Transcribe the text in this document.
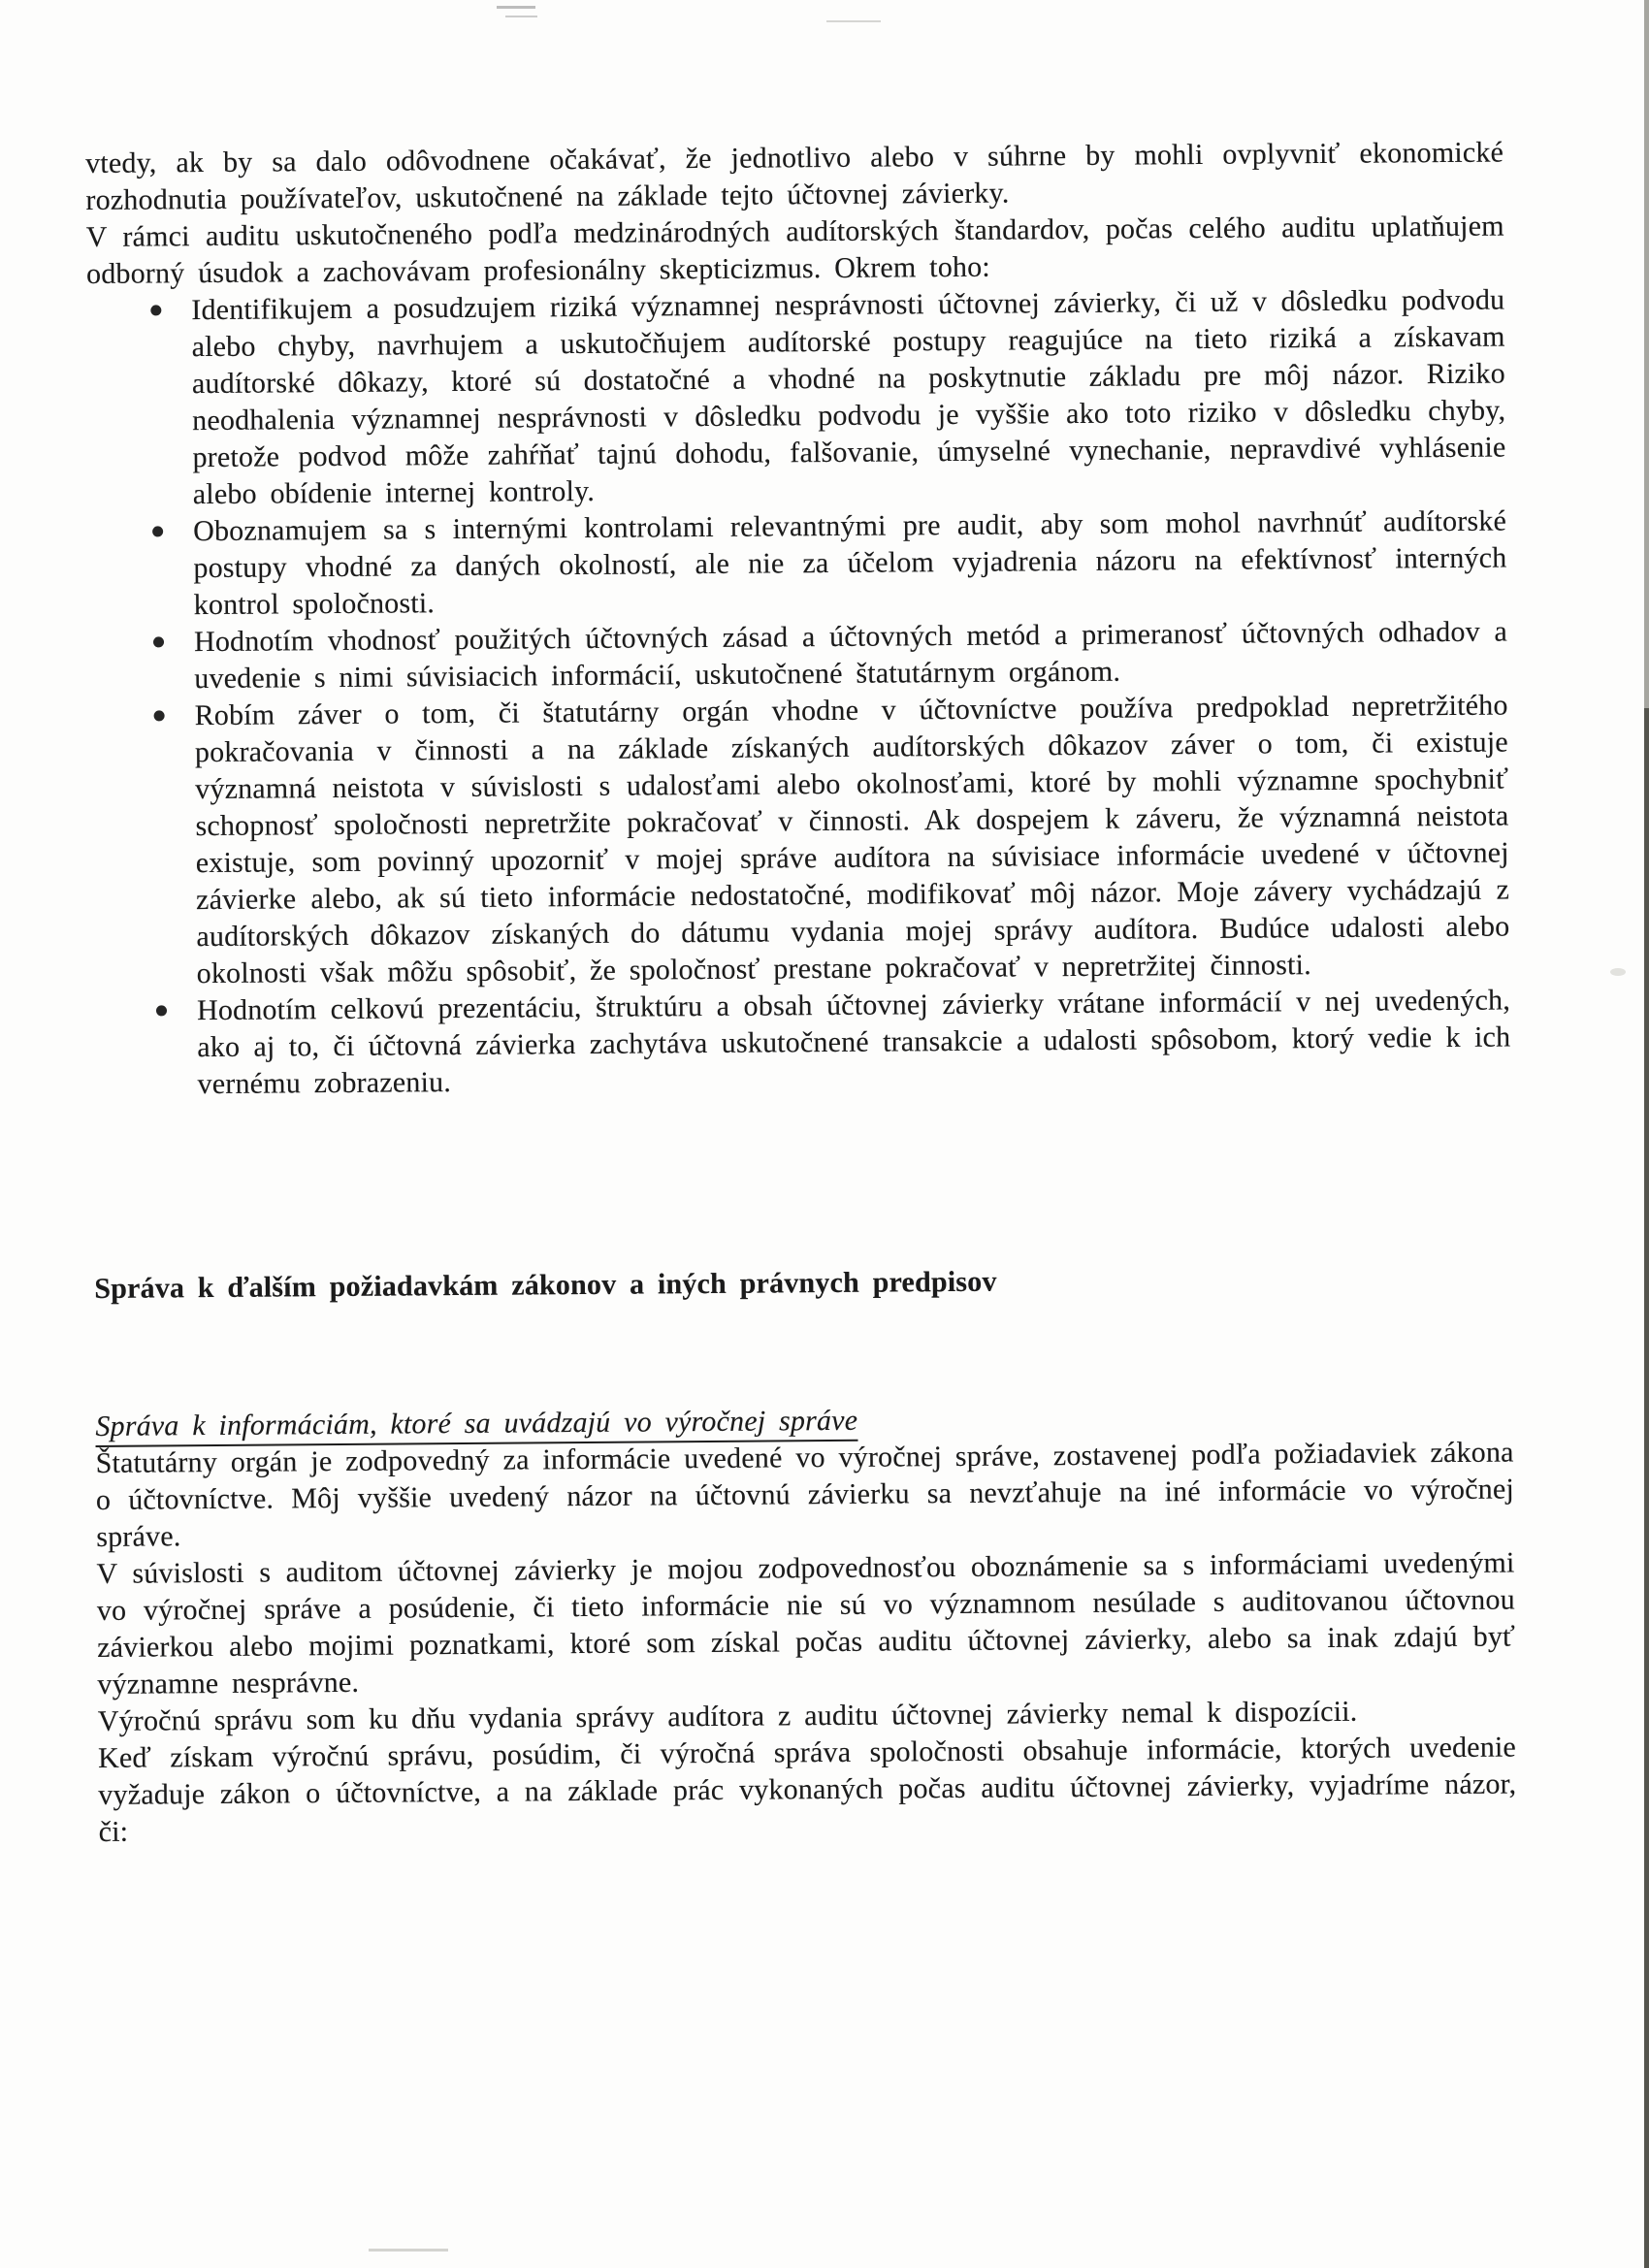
vtedy, ak by sa dalo odôvodnene očakávať, že jednotlivo alebo v súhrne by mohli ovplyvniť ekonomické rozhodnutia používateľov, uskutočnené na základe tejto účtovnej závierky.

V rámci auditu uskutočneného podľa medzinárodných audítorských štandardov, počas celého auditu uplatňujem odborný úsudok a zachovávam profesionálny skepticizmus. Okrem toho:

Identifikujem a posudzujem riziká významnej nesprávnosti účtovnej závierky, či už v dôsledku podvodu alebo chyby, navrhujem a uskutočňujem audítorské postupy reagujúce na tieto riziká a získavam audítorské dôkazy, ktoré sú dostatočné a vhodné na poskytnutie základu pre môj názor. Riziko neodhalenia významnej nesprávnosti v dôsledku podvodu je vyššie ako toto riziko v dôsledku chyby, pretože podvod môže zahŕňať tajnú dohodu, falšovanie, úmyselné vynechanie, nepravdivé vyhlásenie alebo obídenie internej kontroly.
Oboznamujem sa s internými kontrolami relevantnými pre audit, aby som mohol navrhnúť audítorské postupy vhodné za daných okolností, ale nie za účelom vyjadrenia názoru na efektívnosť interných kontrol spoločnosti.
Hodnotím vhodnosť použitých účtovných zásad a účtovných metód a primeranosť účtovných odhadov a uvedenie s nimi súvisiacich informácií, uskutočnené štatutárnym orgánom.
Robím záver o tom, či štatutárny orgán vhodne v účtovníctve používa predpoklad nepretržitého pokračovania v činnosti a na základe získaných audítorských dôkazov záver o tom, či existuje významná neistota v súvislosti s udalosťami alebo okolnosťami, ktoré by mohli významne spochybniť schopnosť spoločnosti nepretržite pokračovať v činnosti. Ak dospejem k záveru, že významná neistota existuje, som povinný upozorniť v mojej správe audítora na súvisiace informácie uvedené v účtovnej závierke alebo, ak sú tieto informácie nedostatočné, modifikovať môj názor. Moje závery vychádzajú z audítorských dôkazov získaných do dátumu vydania mojej správy audítora. Budúce udalosti alebo okolnosti však môžu spôsobiť, že spoločnosť prestane pokračovať v nepretržitej činnosti.
Hodnotím celkovú prezentáciu, štruktúru a obsah účtovnej závierky vrátane informácií v nej uvedených, ako aj to, či účtovná závierka zachytáva uskutočnené transakcie a udalosti spôsobom, ktorý vedie k ich vernému zobrazeniu.
Správa k ďalším požiadavkám zákonov a iných právnych predpisov
Správa k informáciám, ktoré sa uvádzajú vo výročnej správe

Štatutárny orgán je zodpovedný za informácie uvedené vo výročnej správe, zostavenej podľa požiadaviek zákona o účtovníctve. Môj vyššie uvedený názor na účtovnú závierku sa nevzťahuje na iné informácie vo výročnej správe.

V súvislosti s auditom účtovnej závierky je mojou zodpovednosťou oboznámenie sa s informáciami uvedenými vo výročnej správe a posúdenie, či tieto informácie nie sú vo významnom nesúlade s auditovanou účtovnou závierkou alebo mojimi poznatkami, ktoré som získal počas auditu účtovnej závierky, alebo sa inak zdajú byť významne nesprávne.

Výročnú správu som ku dňu vydania správy audítora z auditu účtovnej závierky nemal k dispozícii.

Keď získam výročnú správu, posúdim, či výročná správa spoločnosti obsahuje informácie, ktorých uvedenie vyžaduje zákon o účtovníctve, a na základe prác vykonaných počas auditu účtovnej závierky, vyjadríme názor, či:
